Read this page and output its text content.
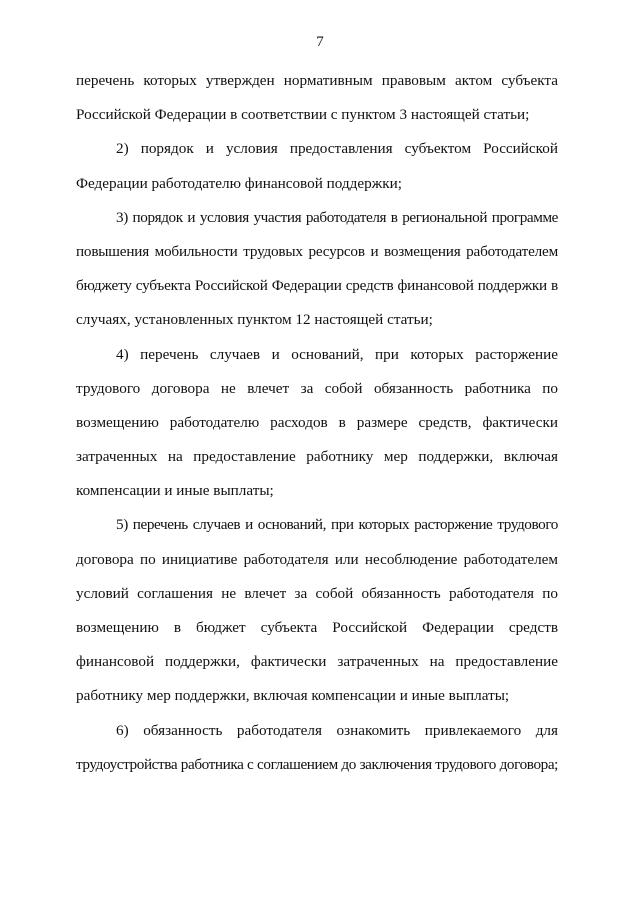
7
перечень которых утвержден нормативным правовым актом субъекта
Российской Федерации в соответствии с пунктом 3 настоящей статьи;
2) порядок и условия предоставления субъектом Российской
Федерации работодателю финансовой поддержки;
3) порядок и условия участия работодателя в региональной программе
повышения мобильности трудовых ресурсов и возмещения работодателем
бюджету субъекта Российской Федерации средств финансовой поддержки в
случаях, установленных пунктом 12 настоящей статьи;
4) перечень случаев и оснований, при которых расторжение
трудового договора не влечет за собой обязанность работника по
возмещению работодателю расходов в размере средств, фактически
затраченных на предоставление работнику мер поддержки, включая
компенсации и иные выплаты;
5) перечень случаев и оснований, при которых расторжение трудового
договора по инициативе работодателя или несоблюдение работодателем
условий соглашения не влечет за собой обязанность работодателя по
возмещению в бюджет субъекта Российской Федерации средств
финансовой поддержки, фактически затраченных на предоставление
работнику мер поддержки, включая компенсации и иные выплаты;
6) обязанность работодателя ознакомить привлекаемого для
трудоустройства работника с соглашением до заключения трудового договора;
